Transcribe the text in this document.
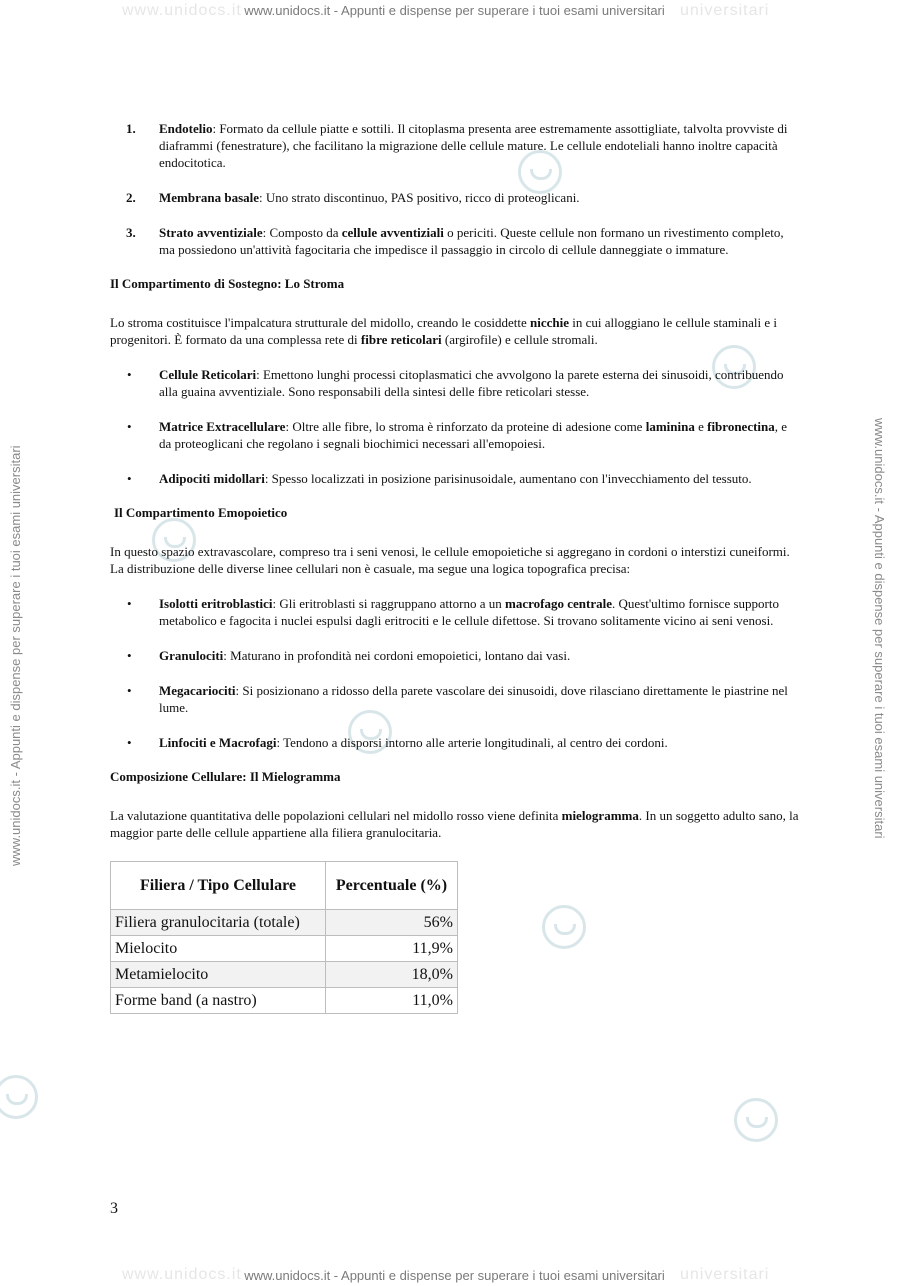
www.unidocs.it	universitari
www.unidocs.it - Appunti e dispense per superare i tuoi esami universitari
www.unidocs.it	universitari
www.unidocs.it - Appunti e dispense per superare i tuoi esami universitari
www.unidocs.it - Appunti e dispense per superare i tuoi esami universitari
www.unidocs.it - Appunti e dispense per superare i tuoi esami universitari
1. Endotelio: Formato da cellule piatte e sottili. Il citoplasma presenta aree estremamente assottigliate, talvolta provviste di diaframmi (fenestrature), che facilitano la migrazione delle cellule mature. Le cellule endoteliali hanno inoltre capacità endocitotica.
2. Membrana basale: Uno strato discontinuo, PAS positivo, ricco di proteoglicani.
3. Strato avventiziale: Composto da cellule avventiziali o periciti. Queste cellule non formano un rivestimento completo, ma possiedono un'attività fagocitaria che impedisce il passaggio in circolo di cellule danneggiate o immature.
Il Compartimento di Sostegno: Lo Stroma

Lo stroma costituisce l'impalcatura strutturale del midollo, creando le cosiddette nicchie in cui alloggiano le cellule staminali e i progenitori. È formato da una complessa rete di fibre reticolari (argirofile) e cellule stromali.

• Cellule Reticolari: Emettono lunghi processi citoplasmatici che avvolgono la parete esterna dei sinusoidi, contribuendo alla guaina avventiziale. Sono responsabili della sintesi delle fibre reticolari stesse.
• Matrice Extracellulare: Oltre alle fibre, lo stroma è rinforzato da proteine di adesione come laminina e fibronectina, e da proteoglicani che regolano i segnali biochimici necessari all'emopoiesi.
• Adipociti midollari: Spesso localizzati in posizione parisinusoidale, aumentano con l'invecchiamento del tessuto.
Il Compartimento Emopoietico

In questo spazio extravascolare, compreso tra i seni venosi, le cellule emopoietiche si aggregano in cordoni o interstizi cuneiformi. La distribuzione delle diverse linee cellulari non è casuale, ma segue una logica topografica precisa:

• Isolotti eritroblastici: Gli eritroblasti si raggruppano attorno a un macrofago centrale. Quest'ultimo fornisce supporto metabolico e fagocita i nuclei espulsi dagli eritrociti e le cellule difettose. Si trovano solitamente vicino ai seni venosi.
• Granulociti: Maturano in profondità nei cordoni emopoietici, lontano dai vasi.
• Megacariociti: Si posizionano a ridosso della parete vascolare dei sinusoidi, dove rilasciano direttamente le piastrine nel lume.
• Linfociti e Macrofagi: Tendono a disporsi intorno alle arterie longitudinali, al centro dei cordoni.
Composizione Cellulare: Il Mielogramma

La valutazione quantitativa delle popolazioni cellulari nel midollo rosso viene definita mielogramma. In un soggetto adulto sano, la maggior parte delle cellule appartiene alla filiera granulocitaria.

Filiera / Tipo Cellulare	Percentuale (%)
Filiera granulocitaria (totale)	56%
Mielocito	11,9%
Metamielocito	18,0%
Forme band (a nastro)	11,0%
3
